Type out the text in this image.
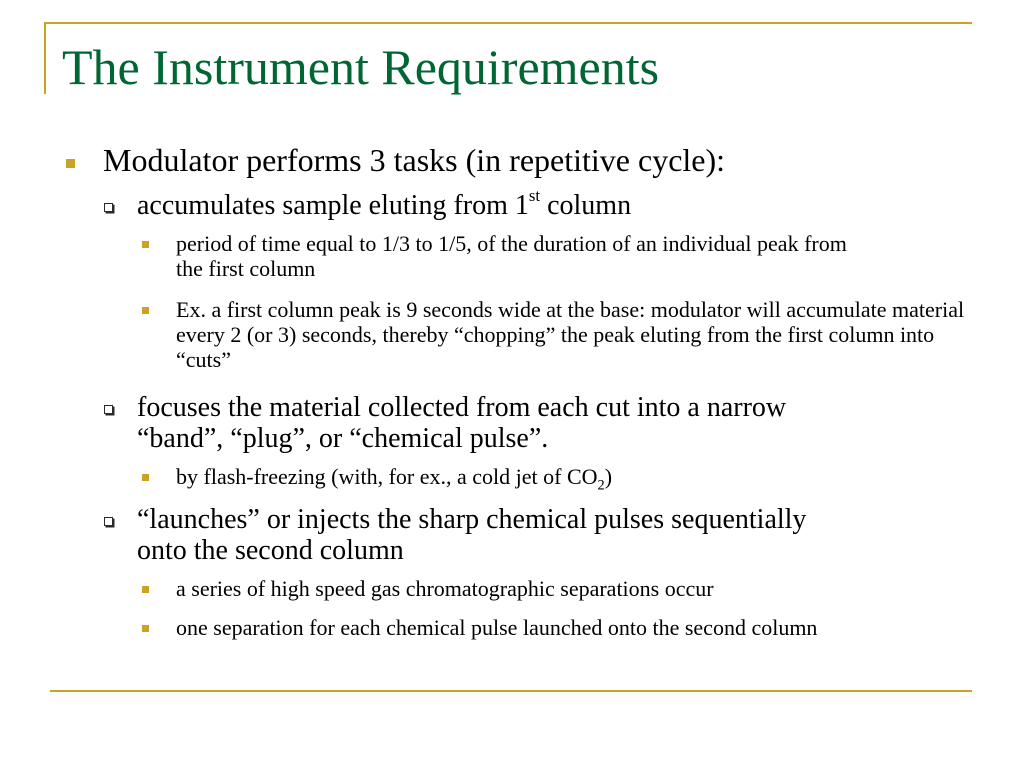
The Instrument Requirements
Modulator performs 3 tasks (in repetitive cycle):
accumulates sample eluting from 1st column
period of time equal to 1/3 to 1/5, of the duration of an individual peak from the first column
Ex. a first column peak is 9 seconds wide at the base: modulator will accumulate material every 2 (or 3) seconds, thereby “chopping” the peak eluting from the first column into “cuts”
focuses the material collected from each cut into a narrow “band”, “plug”, or “chemical pulse”.
by flash-freezing (with, for ex., a cold jet of $CO_2$)
“launches” or injects the sharp chemical pulses sequentially onto the second column
a series of high speed gas chromatographic separations occur
one separation for each chemical pulse launched onto the second column
